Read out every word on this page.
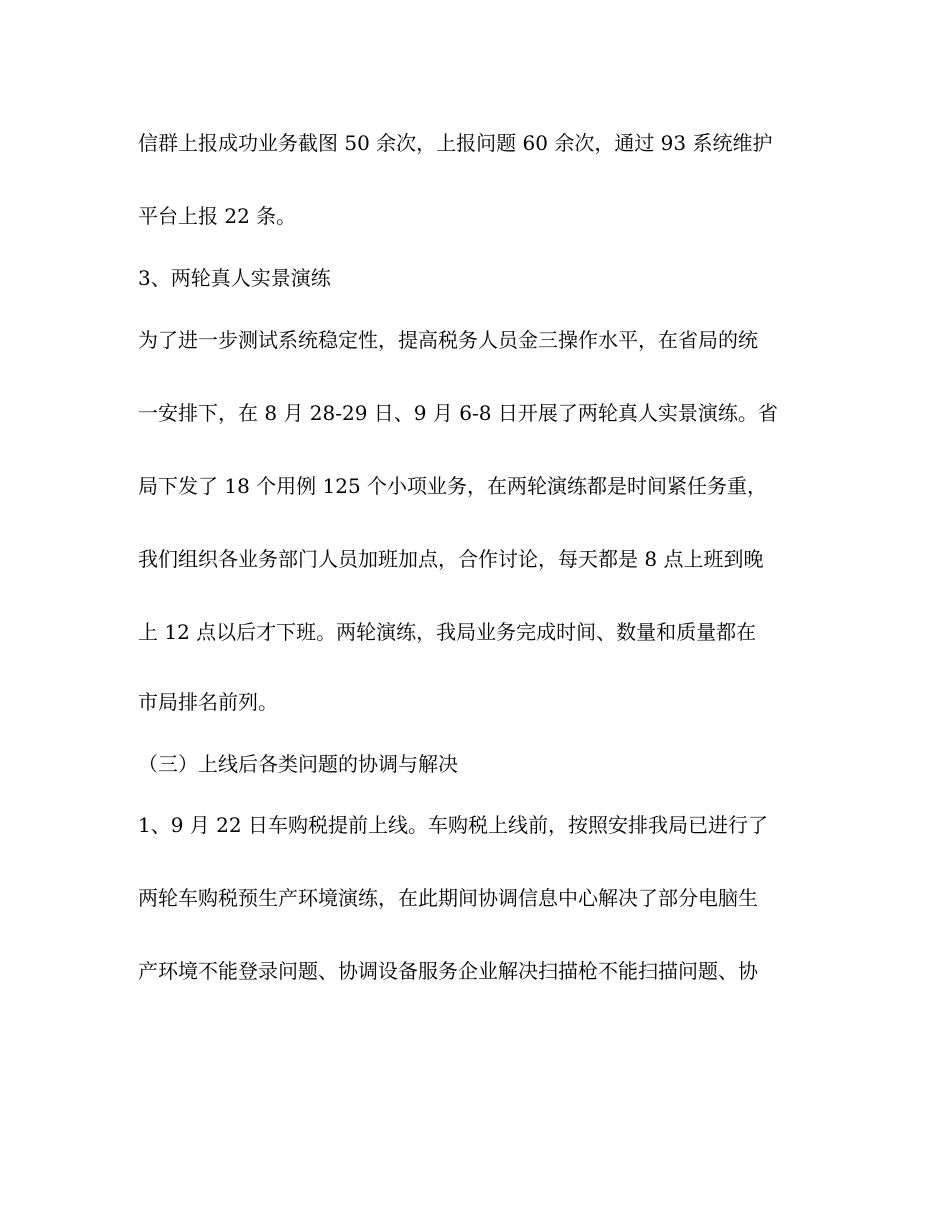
信群上报成功业务截图 50 余次，上报问题 60 余次，通过 93 系统维护
平台上报 22 条。
3、两轮真人实景演练
为了进一步测试系统稳定性，提高税务人员金三操作水平，在省局的统
一安排下，在 8 月 28-29 日、9 月 6-8 日开展了两轮真人实景演练。省
局下发了 18 个用例 125 个小项业务，在两轮演练都是时间紧任务重，
我们组织各业务部门人员加班加点，合作讨论，每天都是 8 点上班到晚
上 12 点以后才下班。两轮演练，我局业务完成时间、数量和质量都在
市局排名前列。
（三）上线后各类问题的协调与解决
1、9 月 22 日车购税提前上线。车购税上线前，按照安排我局已进行了
两轮车购税预生产环境演练，在此期间协调信息中心解决了部分电脑生
产环境不能登录问题、协调设备服务企业解决扫描枪不能扫描问题、协
